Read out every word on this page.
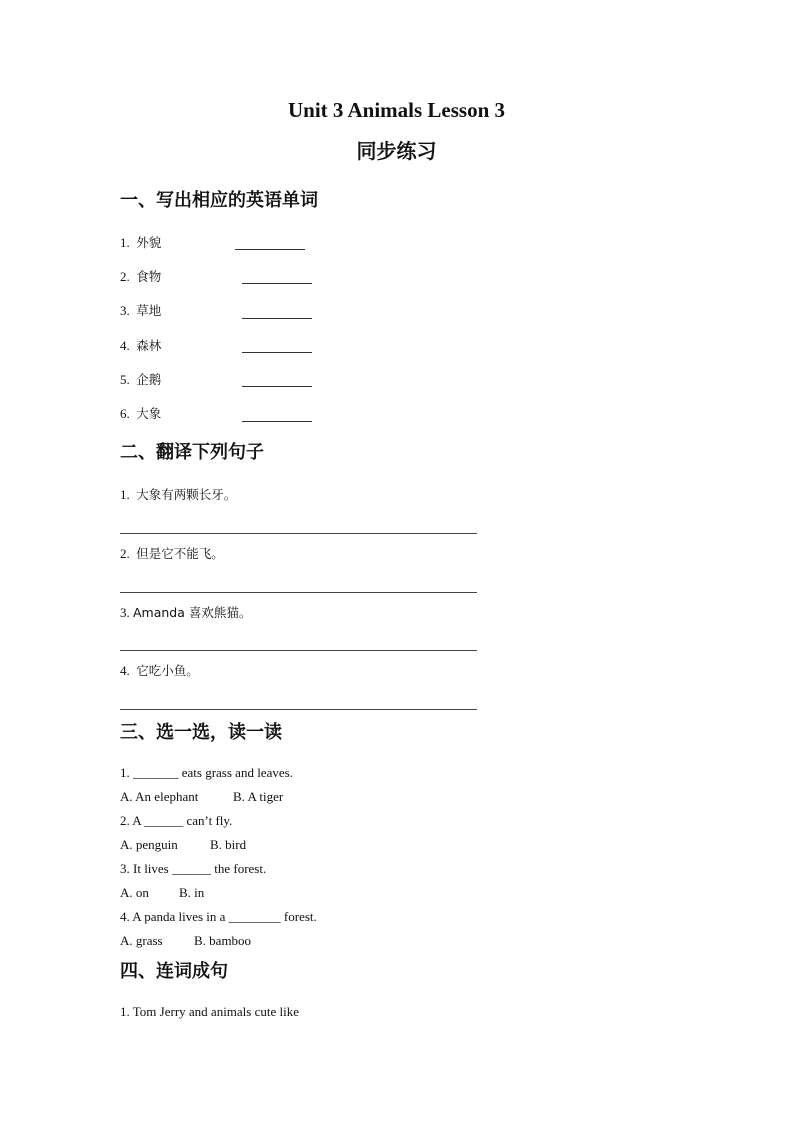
Unit 3 Animals Lesson 3
同步练习
一、写出相应的英语单词
1. 外貌
2. 食物
3. 草地
4. 森林
5. 企鹅
6. 大象
二、翻译下列句子
1. 大象有两颗长牙。
2. 但是它不能飞。
3. Amanda 喜欢熊猫。
4. 它吃小鱼。
三、选一选，读一读
1. _______ eats grass and leaves.
A. An elephant	B. A tiger
2. A ______ can’t fly.
A. penguin B. bird
3. It lives ______ the forest.
A. on B. in
4. A panda lives in a ________ forest.
A. grass B. bamboo
四、连词成句
1. Tom Jerry and animals cute like
